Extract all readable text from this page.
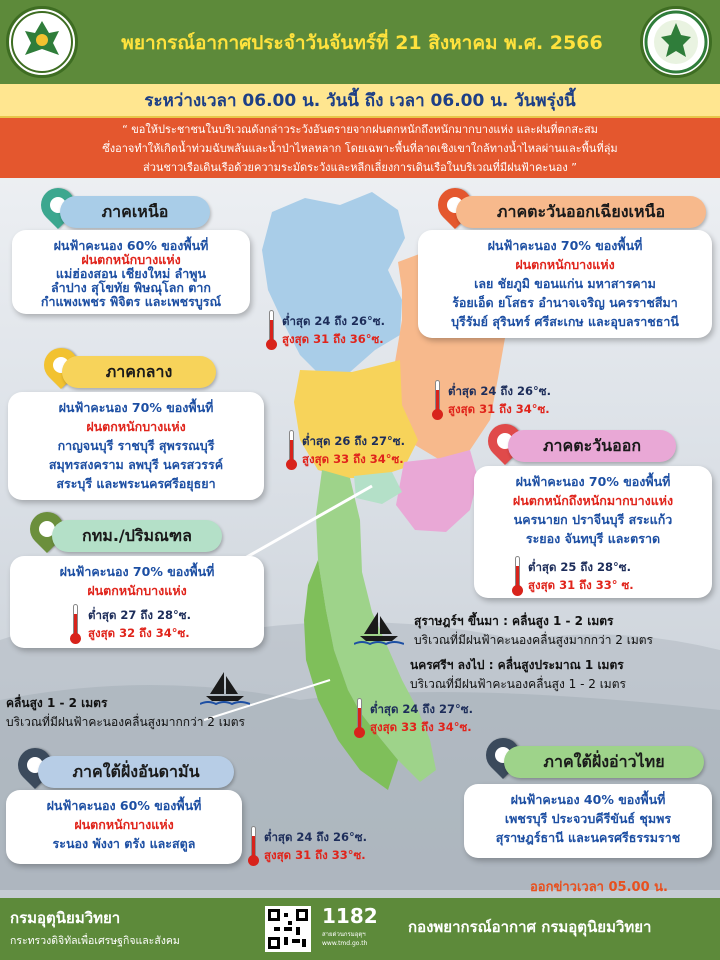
พยากรณ์อากาศประจำวันจันทร์ที่ 21 สิงหาคม พ.ศ. 2566
ระหว่างเวลา 06.00 น. วันนี้ ถึง เวลา 06.00 น. วันพรุ่งนี้
“ ขอให้ประชาชนในบริเวณดังกล่าวระวังอันตรายจากฝนตกหนักถึงหนักมากบางแห่ง และฝนที่ตกสะสม
ซึ่งอาจทำให้เกิดน้ำท่วมฉับพลันและน้ำป่าไหลหลาก โดยเฉพาะพื้นที่ลาดเชิงเขาใกล้ทางน้ำไหลผ่านและพื้นที่ลุ่ม
ส่วนชาวเรือเดินเรือด้วยความระมัดระวังและหลีกเลี่ยงการเดินเรือในบริเวณที่มีฝนฟ้าคะนอง ”
ภาคเหนือ
ฝนฟ้าคะนอง 60% ของพื้นที่
ฝนตกหนักบางแห่ง
แม่ฮ่องสอน เชียงใหม่ ลำพูน
ลำปาง สุโขทัย พิษณุโลก ตาก
กำแพงเพชร พิจิตร และเพชรบูรณ์
ภาคตะวันออกเฉียงเหนือ
ฝนฟ้าคะนอง 70% ของพื้นที่
ฝนตกหนักบางแห่ง
เลย ชัยภูมิ ขอนแก่น มหาสารคาม
ร้อยเอ็ด ยโสธร อำนาจเจริญ นครราชสีมา
บุรีรัมย์ สุรินทร์ ศรีสะเกษ และอุบลราชธานี
ภาคกลาง
ฝนฟ้าคะนอง 70% ของพื้นที่
ฝนตกหนักบางแห่ง
กาญจนบุรี ราชบุรี สุพรรณบุรี
สมุทรสงคราม ลพบุรี นครสวรรค์
สระบุรี และพระนครศรีอยุธยา
ภาคตะวันออก
ฝนฟ้าคะนอง 70% ของพื้นที่
ฝนตกหนักถึงหนักมากบางแห่ง
นครนายก ปราจีนบุรี สระแก้ว
ระยอง จันทบุรี และตราด
กทม./ปริมณฑล
ฝนฟ้าคะนอง 70% ของพื้นที่
ฝนตกหนักบางแห่ง
ภาคใต้ฝั่งอ่าวไทย
ฝนฟ้าคะนอง 40% ของพื้นที่
เพชรบุรี ประจวบคีรีขันธ์ ชุมพร
สุราษฎร์ธานี และนครศรีธรรมราช
ภาคใต้ฝั่งอันดามัน
ฝนฟ้าคะนอง 60% ของพื้นที่
ฝนตกหนักบางแห่ง
ระนอง พังงา ตรัง และสตูล
ต่ำสุด 24 ถึง 26°ซ.
สูงสุด 31 ถึง 36°ซ.
ต่ำสุด 24 ถึง 26°ซ.
สูงสุด 31 ถึง 34°ซ.
ต่ำสุด 26 ถึง 27°ซ.
สูงสุด 33 ถึง 34°ซ.
ต่ำสุด 25 ถึง 28°ซ.
สูงสุด 31 ถึง 33° ซ.
ต่ำสุด 27 ถึง 28°ซ.
สูงสุด 32 ถึง 34°ซ.
ต่ำสุด 24 ถึง 27°ซ.
สูงสุด 33 ถึง 34°ซ.
ต่ำสุด 24 ถึง 26°ซ.
สูงสุด 31 ถึง 33°ซ.
สุราษฎร์ฯ ขึ้นมา : คลื่นสูง 1 - 2 เมตร
บริเวณที่มีฝนฟ้าคะนองคลื่นสูงมากกว่า 2 เมตร
นครศรีฯ ลงไป : คลื่นสูงประมาณ 1 เมตร
บริเวณที่มีฝนฟ้าคะนองคลื่นสูง 1 - 2 เมตร
คลื่นสูง 1 - 2 เมตร
บริเวณที่มีฝนฟ้าคะนองคลื่นสูงมากกว่า 2 เมตร
ออกข่าวเวลา 05.00 น.
กรมอุตุนิยมวิทยา
กระทรวงดิจิทัลเพื่อเศรษฐกิจและสังคม
1182
สายด่วนกรมอุตุฯ
www.tmd.go.th
กองพยากรณ์อากาศ กรมอุตุนิยมวิทยา
